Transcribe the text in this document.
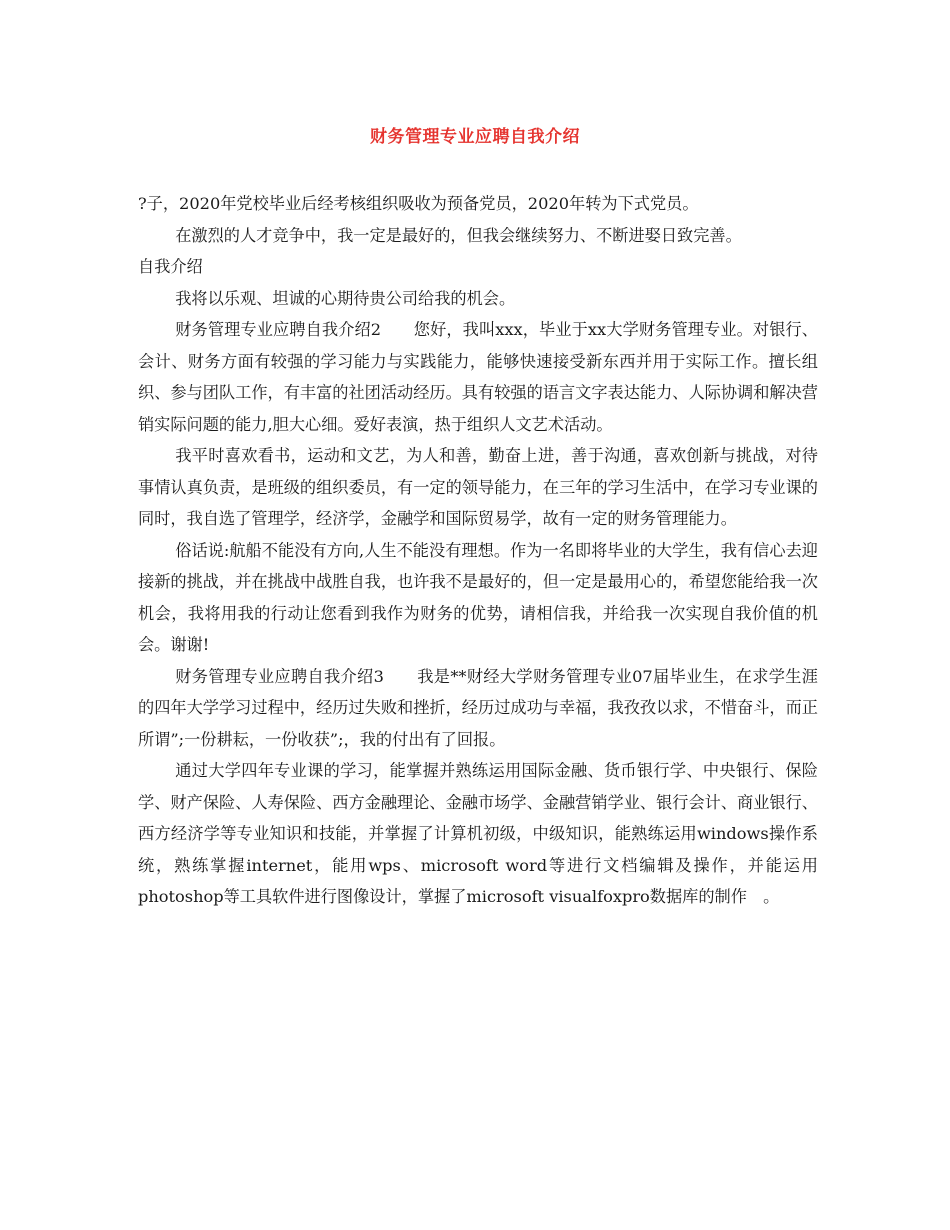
财务管理专业应聘自我介绍

?子，2020年党校毕业后经考核组织吸收为预备党员，2020年转为下式党员。

在激烈的人才竞争中，我一定是最好的，但我会继续努力、不断进娶日致完善。

自我介绍

我将以乐观、坦诚的心期待贵公司给我的机会。

财务管理专业应聘自我介绍2　　您好，我叫xxx，毕业于xx大学财务管理专业。对银行、会计、财务方面有较强的学习能力与实践能力，能够快速接受新东西并用于实际工作。擅长组织、参与团队工作，有丰富的社团活动经历。具有较强的语言文字表达能力、人际协调和解决营销实际问题的能力,胆大心细。爱好表演，热于组织人文艺术活动。

我平时喜欢看书，运动和文艺，为人和善，勤奋上进，善于沟通，喜欢创新与挑战，对待事情认真负责，是班级的组织委员，有一定的领导能力，在三年的学习生活中，在学习专业课的同时，我自选了管理学，经济学，金融学和国际贸易学，故有一定的财务管理能力。

俗话说:航船不能没有方向,人生不能没有理想。作为一名即将毕业的大学生，我有信心去迎接新的挑战，并在挑战中战胜自我，也许我不是最好的，但一定是最用心的，希望您能给我一次机会，我将用我的行动让您看到我作为财务的优势，请相信我，并给我一次实现自我价值的机会。谢谢!

财务管理专业应聘自我介绍3　　我是**财经大学财务管理专业07届毕业生，在求学生涯的四年大学学习过程中，经历过失败和挫折，经历过成功与幸福，我孜孜以求，不惜奋斗，而正所谓”;一份耕耘，一份收获”;，我的付出有了回报。

通过大学四年专业课的学习，能掌握并熟练运用国际金融、货币银行学、中央银行、保险学、财产保险、人寿保险、西方金融理论、金融市场学、金融营销学业、银行会计、商业银行、西方经济学等专业知识和技能，并掌握了计算机初级，中级知识，能熟练运用windows操作系统，熟练掌握internet，能用wps、microsoft word等进行文档编辑及操作，并能运用photoshop等工具软件进行图像设计，掌握了microsoft visualfoxpro数据库的制作　。
